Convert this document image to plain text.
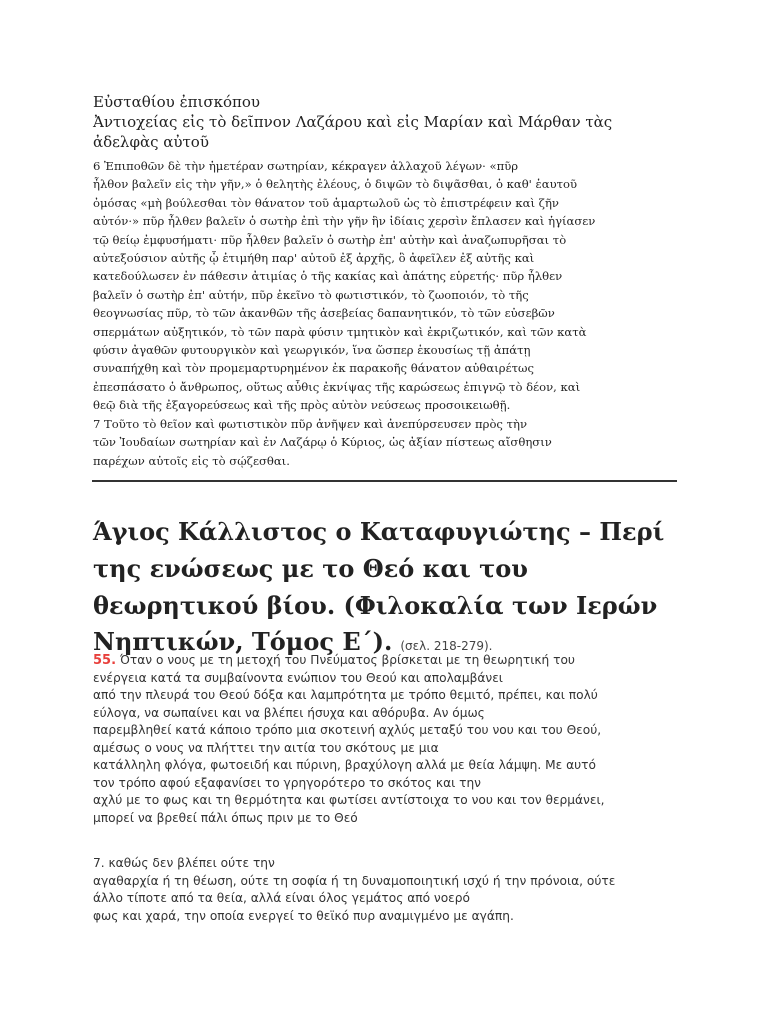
Εὐσταθίου ἐπισκόπου
Ἀντιοχείας εἰς τὸ δεῖπνον Λαζάρου καὶ εἰς Μαρίαν καὶ Μάρθαν τὰς
ἀδελφὰς αὐτοῦ
6 Ἐπιποθῶν δὲ τὴν ἡμετέραν σωτηρίαν, κέκραγεν ἀλλαχοῦ λέγων· «πῦρ
ἦλθον βαλεῖν εἰς τὴν γῆν,» ὁ θελητὴς ἐλέους, ὁ διψῶν τὸ διψᾶσθαι, ὁ καθ' ἑαυτοῦ
ὀμόσας «μὴ βούλεσθαι τὸν θάνατον τοῦ ἁμαρτωλοῦ ὡς τὸ ἐπιστρέφειν καὶ ζῆν
αὐτόν·» πῦρ ἦλθεν βαλεῖν ὁ σωτὴρ ἐπὶ τὴν γῆν ἣν ἰδίαις χερσὶν ἔπλασεν καὶ ἡγίασεν
τῷ θείῳ ἐμφυσήματι· πῦρ ἦλθεν βαλεῖν ὁ σωτὴρ ἐπ' αὐτὴν καὶ ἀναζωπυρῆσαι τὸ
αὐτεξούσιον αὐτῆς ᾧ ἐτιμήθη παρ' αὐτοῦ ἐξ ἀρχῆς, ὃ ἀφεῖλεν ἐξ αὐτῆς καὶ
κατεδούλωσεν ἐν πάθεσιν ἀτιμίας ὁ τῆς κακίας καὶ ἀπάτης εὑρετής· πῦρ ἦλθεν
βαλεῖν ὁ σωτὴρ ἐπ' αὐτήν, πῦρ ἐκεῖνο τὸ φωτιστικόν, τὸ ζωοποιόν, τὸ τῆς
θεογνωσίας πῦρ, τὸ τῶν ἀκανθῶν τῆς ἀσεβείας δαπανητικόν, τὸ τῶν εὐσεβῶν
σπερμάτων αὐξητικόν, τὸ τῶν παρὰ φύσιν τμητικὸν καὶ ἐκριζωτικόν, καὶ τῶν κατὰ
φύσιν ἀγαθῶν φυτουργικὸν καὶ γεωργικόν, ἵνα ὥσπερ ἑκουσίως τῇ ἀπάτῃ
συναπήχθη καὶ τὸν προμεμαρτυρημένον ἐκ παρακοῆς θάνατον αὐθαιρέτως
ἐπεσπάσατο ὁ ἄνθρωπος, οὕτως αὖθις ἐκνίψας τῆς καρώσεως ἐπιγνῷ τὸ δέον, καὶ
θεῷ διὰ τῆς ἐξαγορεύσεως καὶ τῆς πρὸς αὐτὸν νεύσεως προσοικειωθῇ.
7 Τοῦτο τὸ θεῖον καὶ φωτιστικὸν πῦρ ἀνῆψεν καὶ ἀνεπύρσευσεν πρὸς τὴν
τῶν Ἰουδαίων σωτηρίαν καὶ ἐν Λαζάρῳ ὁ Κύριος, ὡς ἀξίαν πίστεως αἴσθησιν
παρέχων αὐτοῖς εἰς τὸ σῴζεσθαι.
Άγιος Κάλλιστος ο Καταφυγιώτης – Περί
της ενώσεως με το Θεό και του
θεωρητικού βίου. (Φιλοκαλία των Ιερών
Νηπτικών, Τόμος Ε΄). (σελ. 218-279).
55. Όταν ο νους με τη μετοχή του Πνεύματος βρίσκεται με τη θεωρητική του
ενέργεια κατά τα συμβαίνοντα ενώπιον του Θεού και απολαμβάνει
από την πλευρά του Θεού δόξα και λαμπρότητα με τρόπο θεμιτό, πρέπει, και πολύ
εύλογα, να σωπαίνει και να βλέπει ήσυχα και αθόρυβα. Αν όμως
παρεμβληθεί κατά κάποιο τρόπο μια σκοτεινή αχλύς μεταξύ του νου και του Θεού,
αμέσως ο νους να πλήττει την αιτία του σκότους με μια
κατάλληλη φλόγα, φωτοειδή και πύρινη, βραχύλογη αλλά με θεία λάμψη. Με αυτό
τον τρόπο αφού εξαφανίσει το γρηγορότερο το σκότος και την
αχλύ με το φως και τη θερμότητα και φωτίσει αντίστοιχα το νου και τον θερμάνει,
μπορεί να βρεθεί πάλι όπως πριν με το Θεό
7. καθώς δεν βλέπει ούτε την
αγαθαρχία ή τη θέωση, ούτε τη σοφία ή τη δυναμοποιητική ισχύ ή την πρόνοια, ούτε
άλλο τίποτε από τα θεία, αλλά είναι όλος γεμάτος από νοερό
φως και χαρά, την οποία ενεργεί το θεϊκό πυρ αναμιγμένο με αγάπη.
